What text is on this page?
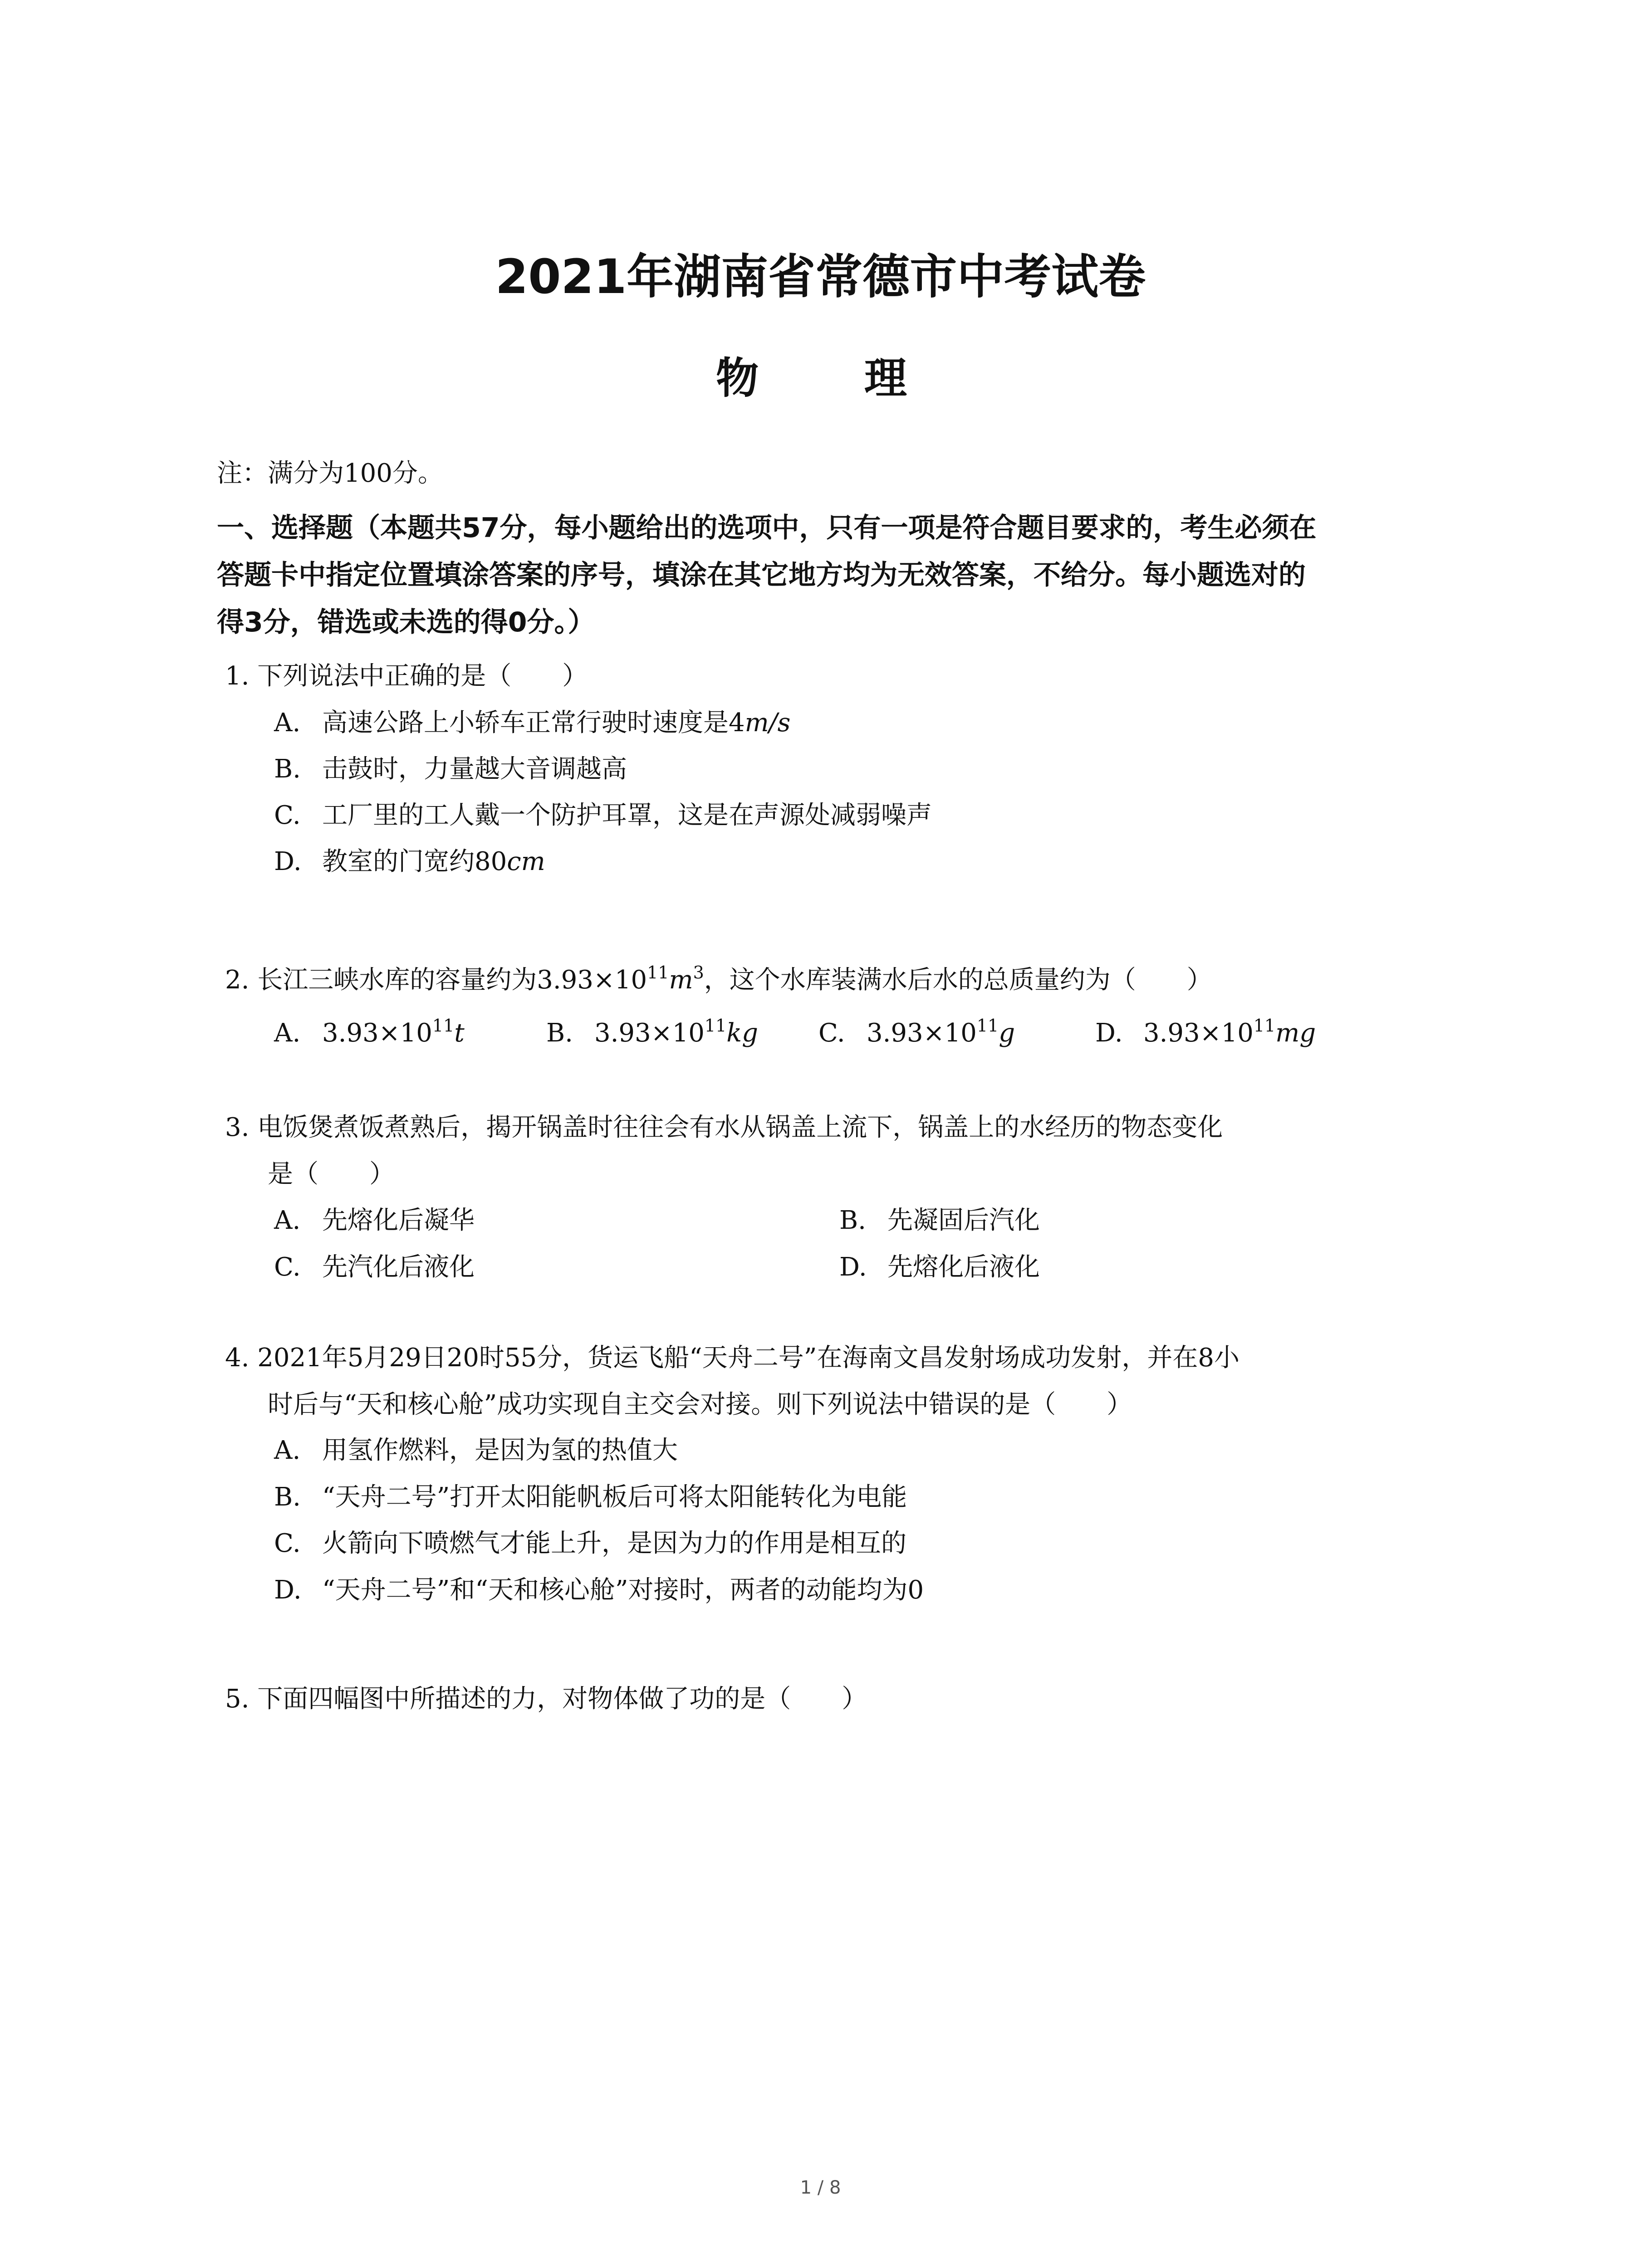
2021年湖南省常德市中考试卷
物 理
注：满分为100分。
一、选择题（本题共57分，每小题给出的选项中，只有一项是符合题目要求的，考生必须在
答题卡中指定位置填涂答案的序号，填涂在其它地方均为无效答案，不给分。每小题选对的
得3分，错选或未选的得0分。）
1. 下列说法中正确的是（　　）
A. 高速公路上小轿车正常行驶时速度是4m/s
B. 击鼓时，力量越大音调越高
C. 工厂里的工人戴一个防护耳罩，这是在声源处减弱噪声
D. 教室的门宽约80cm
2. 长江三峡水库的容量约为$3.93\times 10^{11}m^3$，这个水库装满水后水的总质量约为（　　）
A. $3.93\times 10^{11}t$	B. $3.93\times 10^{11}kg$ C. $3.93\times 10^{11}g$	D. $3.93\times 10^{11}mg$
3. 电饭煲煮饭煮熟后，揭开锅盖时往往会有水从锅盖上流下，锅盖上的水经历的物态变化
是（　　）
A. 先熔化后凝华	B. 先凝固后汽化
C. 先汽化后液化	D. 先熔化后液化
4. 2021年5月29日20时55分，货运飞船“天舟二号”在海南文昌发射场成功发射，并在8小
时后与“天和核心舱”成功实现自主交会对接。则下列说法中错误的是（　　）
A. 用氢作燃料，是因为氢的热值大
B. “天舟二号”打开太阳能帆板后可将太阳能转化为电能
C. 火箭向下喷燃气才能上升，是因为力的作用是相互的
D. “天舟二号”和“天和核心舱”对接时，两者的动能均为0
5. 下面四幅图中所描述的力，对物体做了功的是（　　）
1 / 8
